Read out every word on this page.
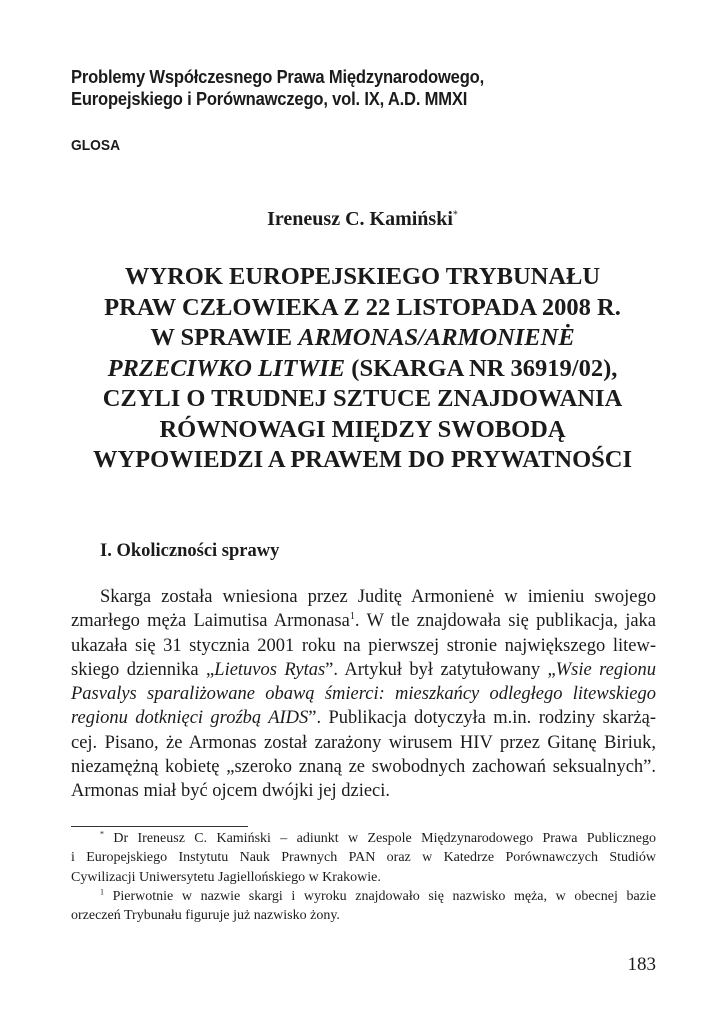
Problemy Współczesnego Prawa Międzynarodowego,
Europejskiego i Porównawczego, vol. IX, A.D. MMXI
GLOSA
Ireneusz C. Kamiński*
WYROK EUROPEJSKIEGO TRYBUNAŁU
PRAW CZŁOWIEKA Z 22 LISTOPADA 2008 R.
W SPRAWIE ARMONAS/ARMONIENĖ
PRZECIWKO LITWIE (SKARGA NR 36919/02),
CZYLI O TRUDNEJ SZTUCE ZNAJDOWANIA
RÓWNOWAGI MIĘDZY SWOBODĄ
WYPOWIEDZI A PRAWEM DO PRYWATNOŚCI
I. Okoliczności sprawy
Skarga została wniesiona przez Juditę Armonienė w imieniu swojego
zmarłego męża Laimutisa Armonasa$^1$. W tle znajdowała się publikacja, jaka
ukazała się 31 stycznia 2001 roku na pierwszej stronie największego litew-
skiego dziennika „Lietuvos Rytas”. Artykuł był zatytułowany „Wsie regionu
Pasvalys sparaliżowane obawą śmierci: mieszkańcy odległego litewskiego
regionu dotknięci groźbą AIDS”. Publikacja dotyczyła m.in. rodziny skarżą-
cej. Pisano, że Armonas został zarażony wirusem HIV przez Gitanę Biriuk,
niezamężną kobietę „szeroko znaną ze swobodnych zachowań seksualnych”.
Armonas miał być ojcem dwójki jej dzieci.
* Dr Ireneusz C. Kamiński – adiunkt w Zespole Międzynarodowego Prawa Publicznego
i Europejskiego Instytutu Nauk Prawnych PAN oraz w Katedrze Porównawczych Studiów
Cywilizacji Uniwersytetu Jagiellońskiego w Krakowie.
$^1$ Pierwotnie w nazwie skargi i wyroku znajdowało się nazwisko męża, w obecnej bazie
orzeczeń Trybunału figuruje już nazwisko żony.
183
